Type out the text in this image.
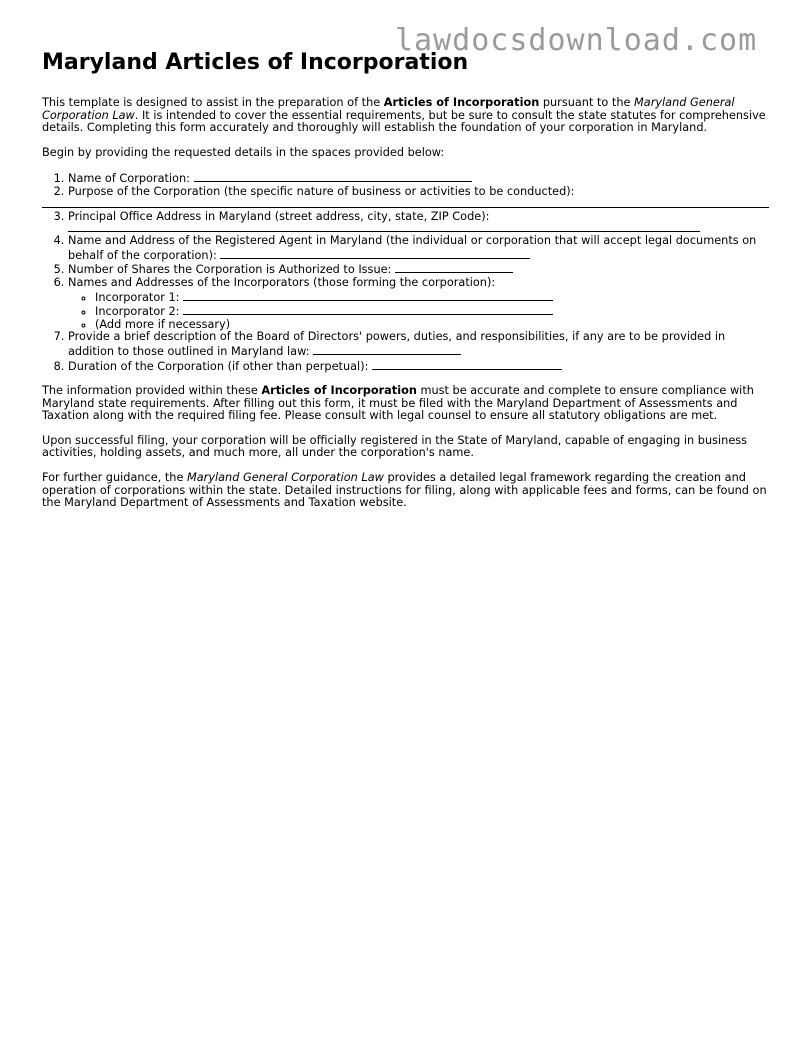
lawdocsdownload.com
Maryland Articles of Incorporation

This template is designed to assist in the preparation of the Articles of Incorporation pursuant to the Maryland General Corporation Law. It is intended to cover the essential requirements, but be sure to consult the state statutes for comprehensive details. Completing this form accurately and thoroughly will establish the foundation of your corporation in Maryland.

Begin by providing the requested details in the spaces provided below:

1. Name of Corporation:
2. Purpose of the Corporation (the specific nature of business or activities to be conducted):
3. Principal Office Address in Maryland (street address, city, state, ZIP Code):
4. Name and Address of the Registered Agent in Maryland (the individual or corporation that will accept legal documents on behalf of the corporation):
5. Number of Shares the Corporation is Authorized to Issue:
6. Names and Addresses of the Incorporators (those forming the corporation):
◦ Incorporator 1:
◦ Incorporator 2:
◦ (Add more if necessary)
7. Provide a brief description of the Board of Directors' powers, duties, and responsibilities, if any are to be provided in addition to those outlined in Maryland law:
8. Duration of the Corporation (if other than perpetual):

The information provided within these Articles of Incorporation must be accurate and complete to ensure compliance with Maryland state requirements. After filling out this form, it must be filed with the Maryland Department of Assessments and Taxation along with the required filing fee. Please consult with legal counsel to ensure all statutory obligations are met.

Upon successful filing, your corporation will be officially registered in the State of Maryland, capable of engaging in business activities, holding assets, and much more, all under the corporation's name.

For further guidance, the Maryland General Corporation Law provides a detailed legal framework regarding the creation and operation of corporations within the state. Detailed instructions for filing, along with applicable fees and forms, can be found on the Maryland Department of Assessments and Taxation website.
